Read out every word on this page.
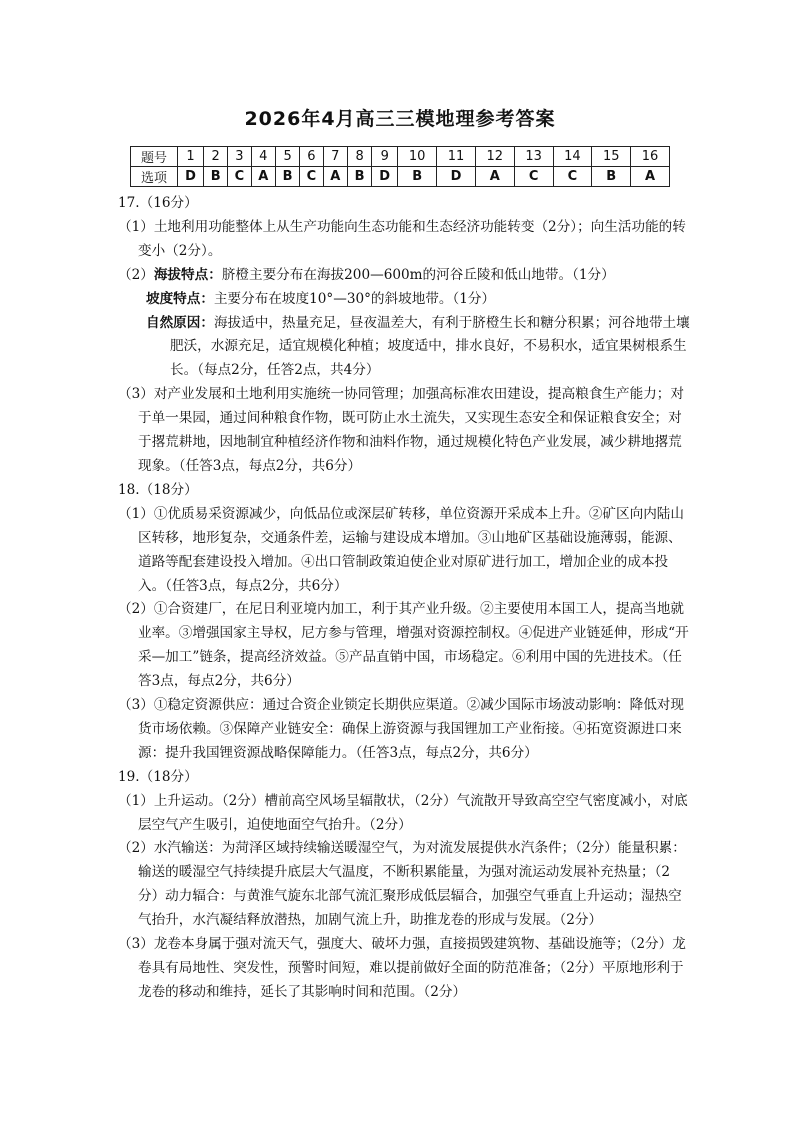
2026年4月高三三模地理参考答案
题号	1	2	3	4	5	6	7	8	9	10	11	12	13	14	15	16
选项	D	B	C	A	B	C	A	B	D	B	D	A	C	C	B	A

17.（16分）

（1）土地利用功能整体上从生产功能向生态功能和生态经济功能转变（2分）；向生活功能的转变小（2分）。

（2）海拔特点：脐橙主要分布在海拔200—600m的河谷丘陵和低山地带。（1分）

坡度特点：主要分布在坡度10°—30°的斜坡地带。（1分）

自然原因：海拔适中，热量充足，昼夜温差大，有利于脐橙生长和糖分积累；河谷地带土壤肥沃，水源充足，适宜规模化种植；坡度适中，排水良好，不易积水，适宜果树根系生长。（每点2分，任答2点，共4分）

（3）对产业发展和土地利用实施统一协同管理；加强高标准农田建设，提高粮食生产能力；对于单一果园，通过间种粮食作物，既可防止水土流失，又实现生态安全和保证粮食安全；对于撂荒耕地，因地制宜种植经济作物和油料作物，通过规模化特色产业发展，减少耕地撂荒现象。（任答3点，每点2分，共6分）

18.（18分）

（1）①优质易采资源减少，向低品位或深层矿转移，单位资源开采成本上升。②矿区向内陆山区转移，地形复杂，交通条件差，运输与建设成本增加。③山地矿区基础设施薄弱，能源、道路等配套建设投入增加。④出口管制政策迫使企业对原矿进行加工，增加企业的成本投入。（任答3点，每点2分，共6分）

（2）①合资建厂，在尼日利亚境内加工，利于其产业升级。②主要使用本国工人，提高当地就业率。③增强国家主导权，尼方参与管理，增强对资源控制权。④促进产业链延伸，形成“开采—加工”链条，提高经济效益。⑤产品直销中国，市场稳定。⑥利用中国的先进技术。（任答3点，每点2分，共6分）

（3）①稳定资源供应：通过合资企业锁定长期供应渠道。②减少国际市场波动影响：降低对现货市场依赖。③保障产业链安全：确保上游资源与我国锂加工产业衔接。④拓宽资源进口来源：提升我国锂资源战略保障能力。（任答3点，每点2分，共6分）

19.（18分）

（1）上升运动。（2分）槽前高空风场呈辐散状，（2分）气流散开导致高空空气密度减小，对底层空气产生吸引，迫使地面空气抬升。（2分）

（2）水汽输送：为菏泽区域持续输送暖湿空气，为对流发展提供水汽条件；（2分）能量积累：输送的暖湿空气持续提升底层大气温度，不断积累能量，为强对流运动发展补充热量；（2分）动力辐合：与黄淮气旋东北部气流汇聚形成低层辐合，加强空气垂直上升运动；湿热空气抬升，水汽凝结释放潜热，加剧气流上升，助推龙卷的形成与发展。（2分）

（3）龙卷本身属于强对流天气，强度大、破坏力强，直接损毁建筑物、基础设施等；（2分）龙卷具有局地性、突发性，预警时间短，难以提前做好全面的防范准备；（2分）平原地形利于龙卷的移动和维持，延长了其影响时间和范围。（2分）
